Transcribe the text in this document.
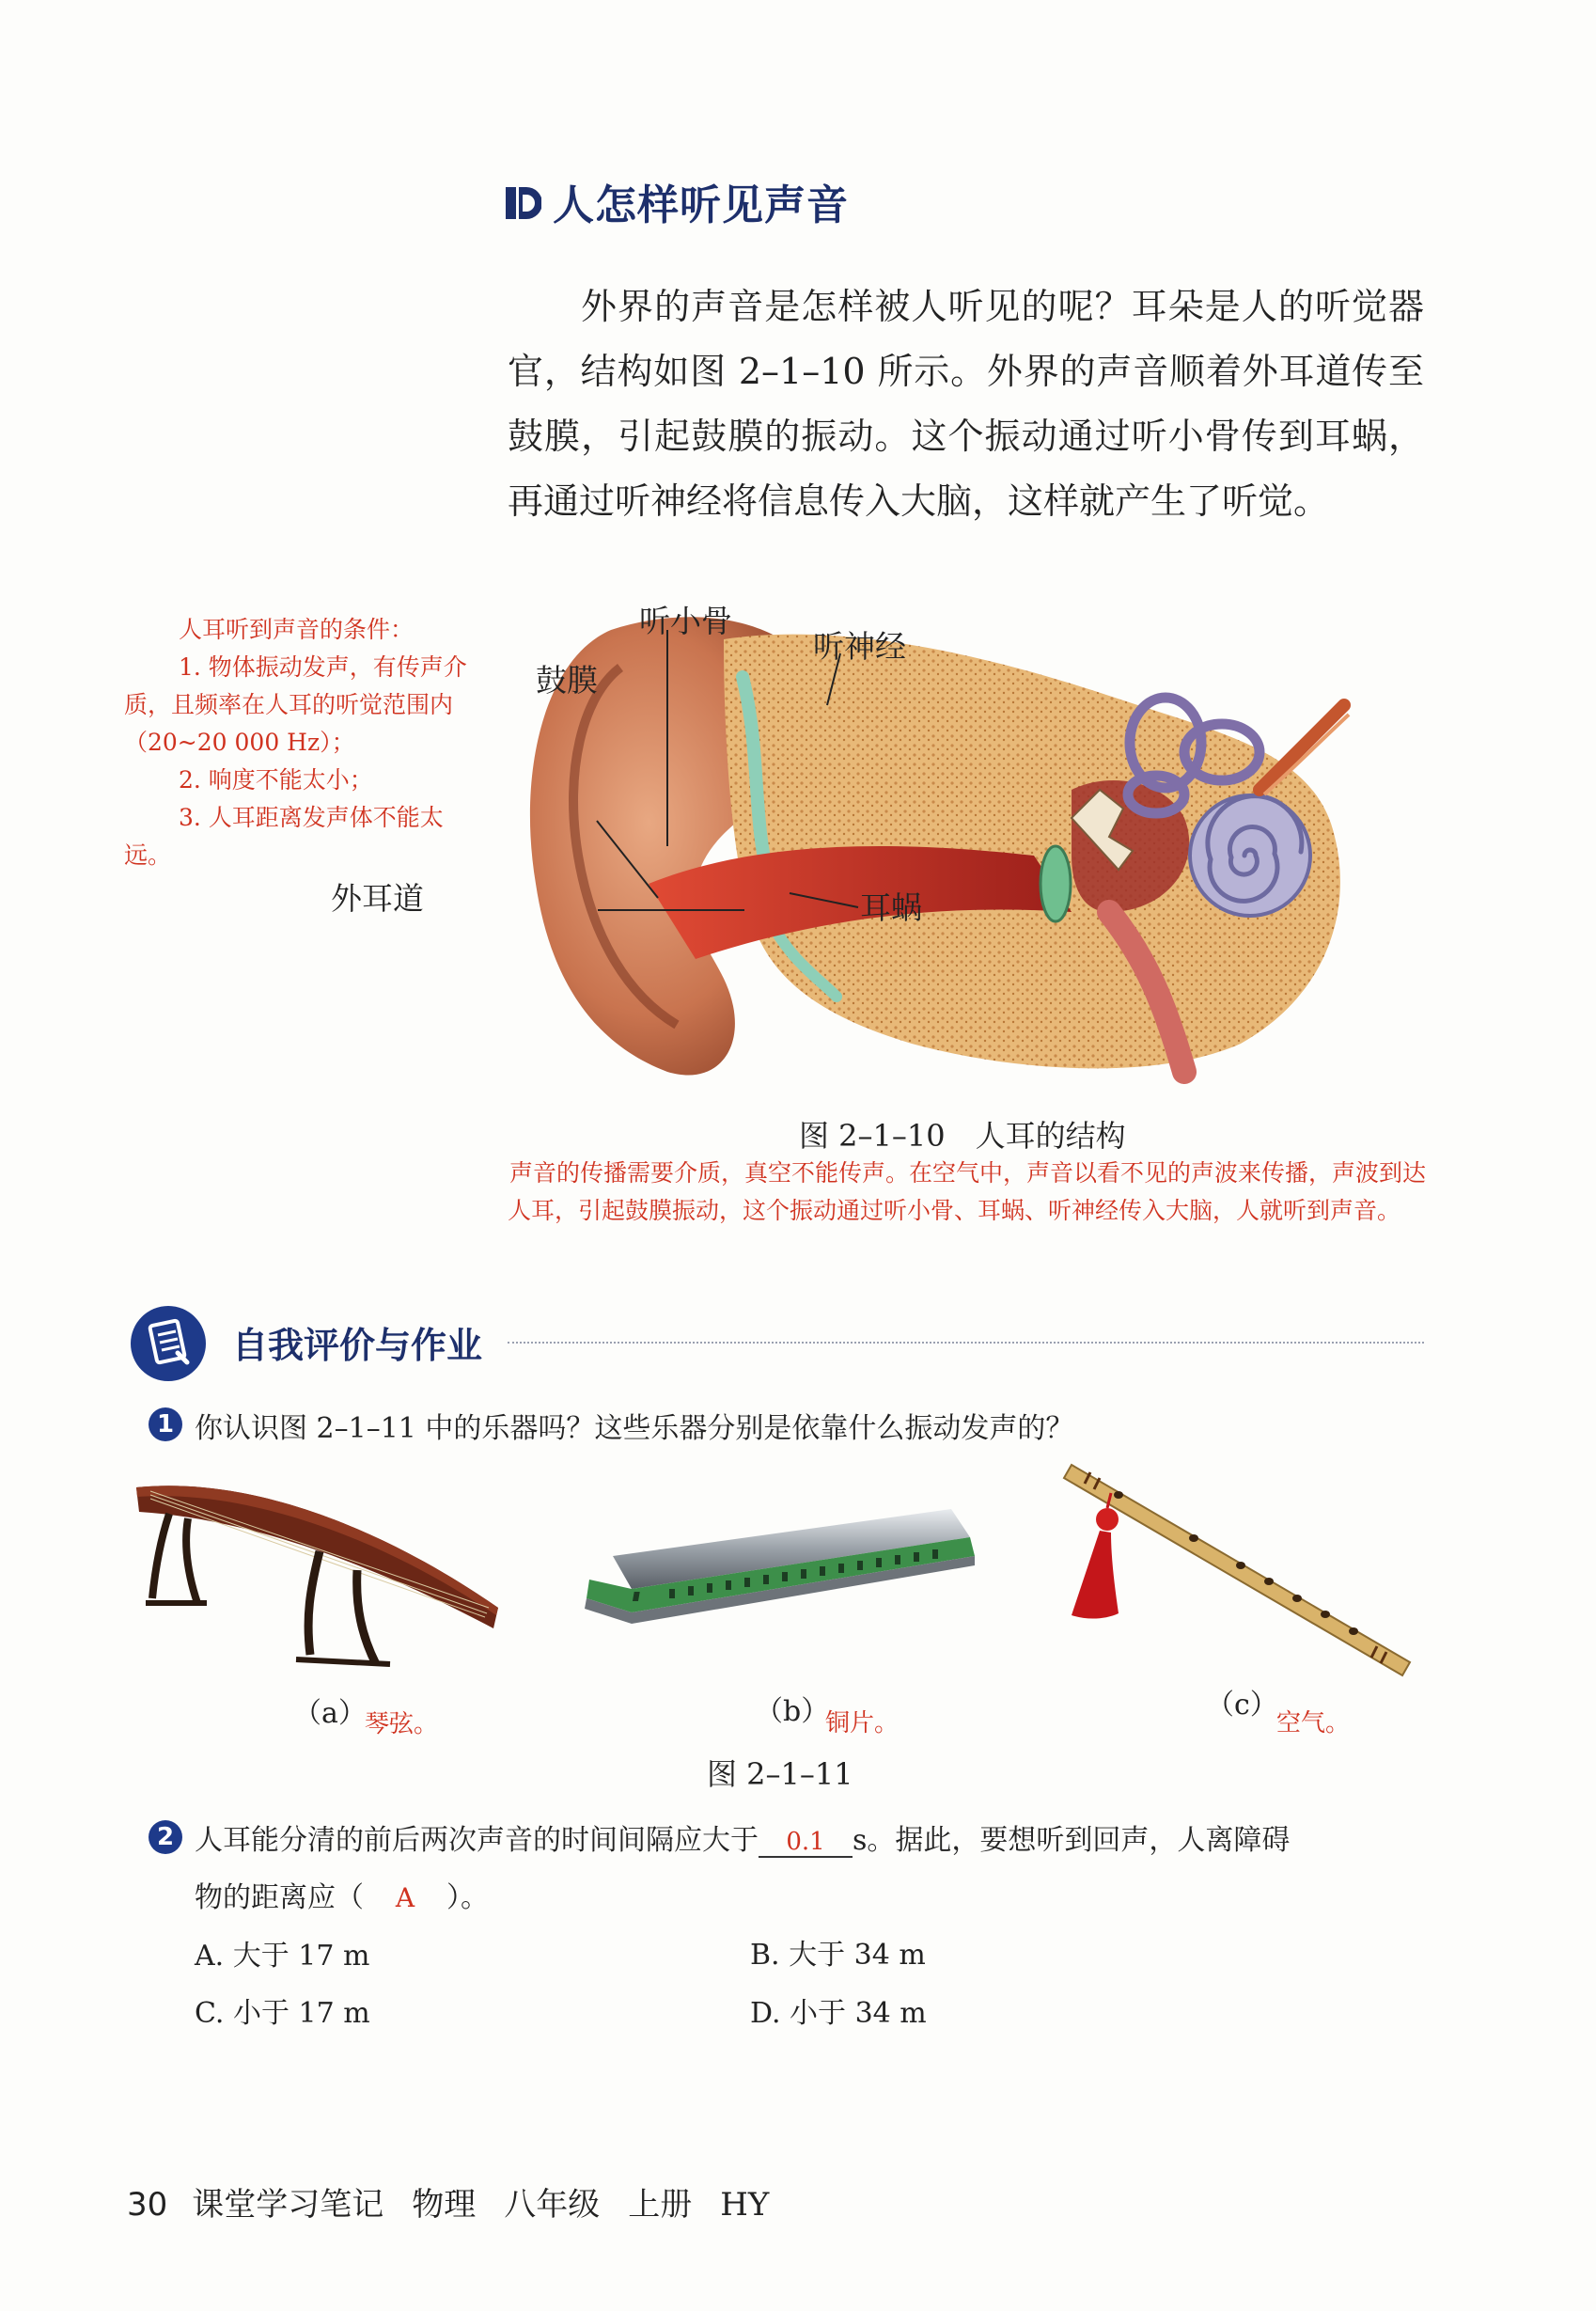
人怎样听见声音
外界的声音是怎样被人听见的呢？耳朵是人的听觉器官，结构如图 2–1–10 所示。外界的声音顺着外耳道传至鼓膜，引起鼓膜的振动。这个振动通过听小骨传到耳蜗，再通过听神经将信息传入大脑，这样就产生了听觉。
人耳听到声音的条件：
1. 物体振动发声，有传声介质，且频率在人耳的听觉范围内（20~20 000 Hz）；
2. 响度不能太小；
3. 人耳距离发声体不能太远。
听小骨
鼓膜
听神经
外耳道	耳蜗
图 2–1–10　人耳的结构
声音的传播需要介质，真空不能传声。在空气中，声音以看不见的声波来传播，声波到达人耳，引起鼓膜振动，这个振动通过听小骨、耳蜗、听神经传入大脑，人就听到声音。
自我评价与作业
1 你认识图 2–1–11 中的乐器吗？这些乐器分别是依靠什么振动发声的？
（a）
琴弦。	（b）
铜片。
（c）
空气。
图 2–1–11
2 人耳能分清的前后两次声音的时间间隔应大于 0.1 s。据此，要想听到回声，人离障碍
物的距离应（ A ）。
A. 大于 17 m	B. 大于 34 m
C. 小于 17 m	D. 小于 34 m
30 课堂学习笔记 物理 八年级 上册 HY
